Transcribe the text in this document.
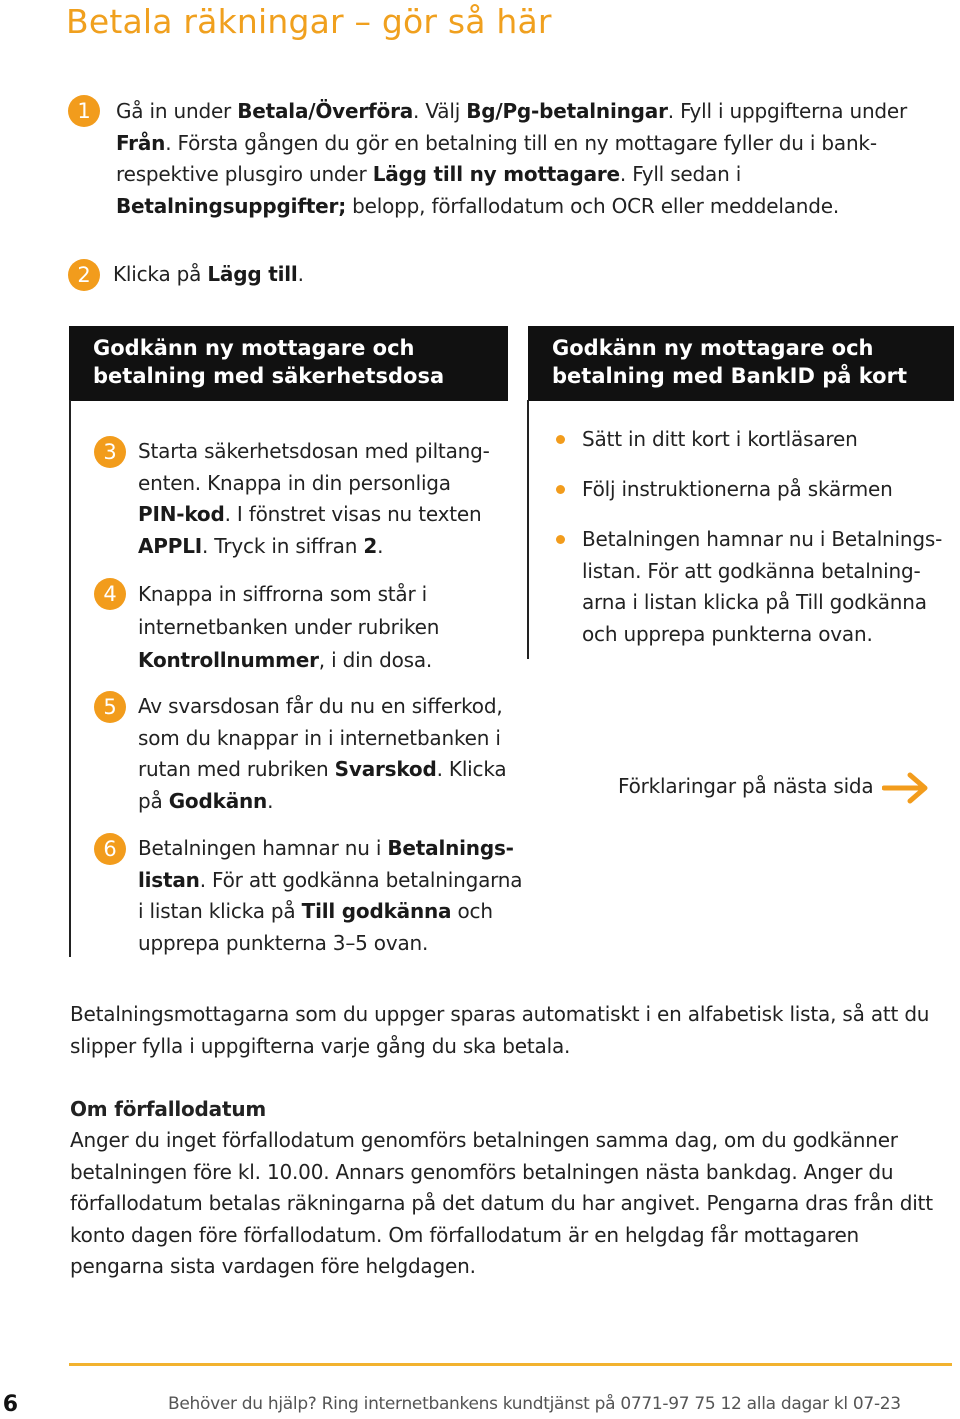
Betala räkningar – gör så här
1	Gå in under Betala/Överföra. Välj Bg/Pg-betalningar. Fyll i uppgifterna under Från. Första gången du gör en betalning till en ny mottagare fyller du i bank- respektive plusgiro under Lägg till ny mottagare. Fyll sedan i Betalningsuppgifter; belopp, förfallodatum och OCR eller meddelande.
2	Klicka på Lägg till.
Godkänn ny mottagare och
betalning med säkerhetsdosa
3	Starta säkerhetsdosan med piltang-enten. Knappa in din personliga PIN-kod. I fönstret visas nu texten APPLI. Tryck in siffran 2.
4	Knappa in siffrorna som står i internetbanken under rubriken Kontrollnummer, i din dosa.
5	Av svarsdosan får du nu en sifferkod, som du knappar in i internetbanken i rutan med rubriken Svarskod. Klicka på Godkänn.
6	Betalningen hamnar nu i Betalnings-listan. För att godkänna betalningarna i listan klicka på Till godkänna och upprepa punkterna 3–5 ovan.
Godkänn ny mottagare och
betalning med BankID på kort
Sätt in ditt kort i kortläsaren
Följ instruktionerna på skärmen
Betalningen hamnar nu i Betalnings-listan. För att godkänna betalning-arna i listan klicka på Till godkänna och upprepa punkterna ovan.
Förklaringar på nästa sida
Betalningsmottagarna som du uppger sparas automatiskt i en alfabetisk lista, så att du slipper fylla i uppgifterna varje gång du ska betala.
Om förfallodatum
Anger du inget förfallodatum genomförs betalningen samma dag, om du godkänner betalningen före kl. 10.00. Annars genomförs betalningen nästa bankdag. Anger du förfallodatum betalas räkningarna på det datum du har angivet. Pengarna dras från ditt konto dagen före förfallodatum. Om förfallodatum är en helgdag får mottagaren pengarna sista vardagen före helgdagen.
6	Behöver du hjälp? Ring internetbankens kundtjänst på 0771-97 75 12 alla dagar kl 07-23
